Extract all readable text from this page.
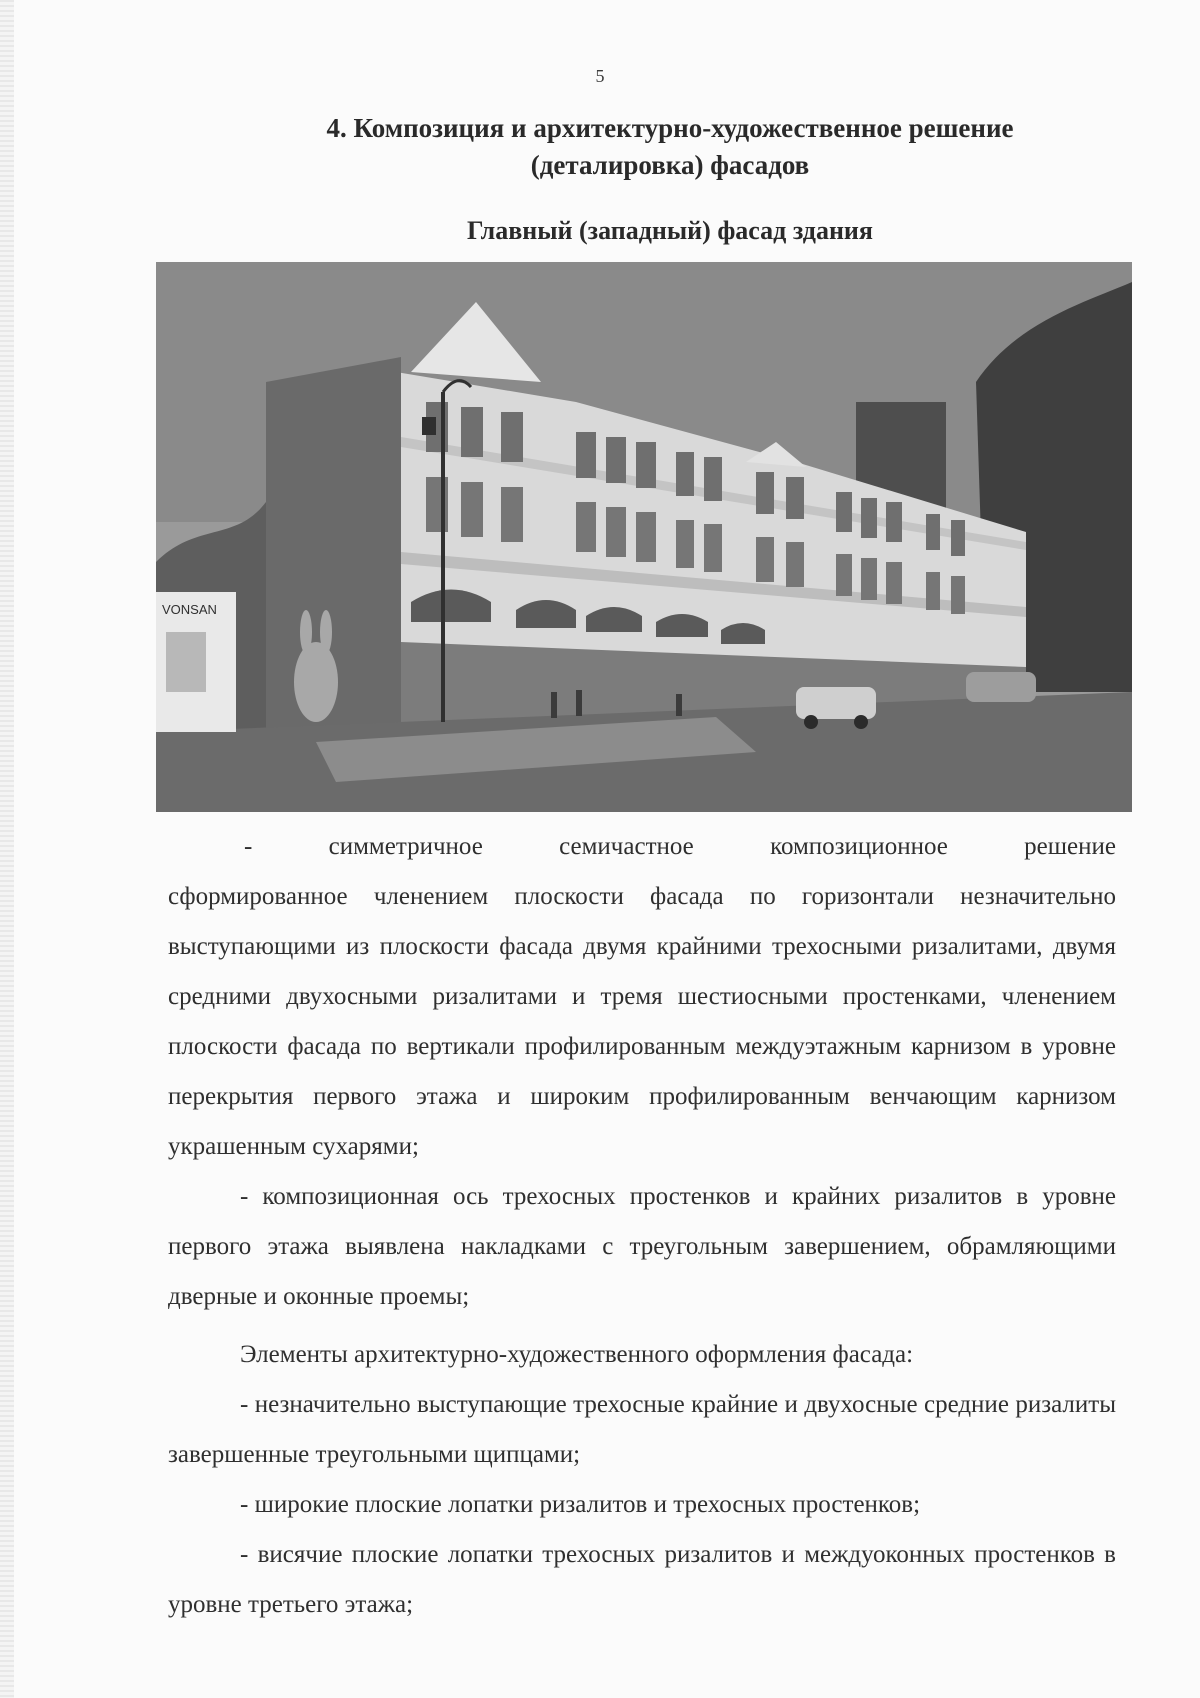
5
4. Композиция и архитектурно-художественное решение
(деталировка) фасадов
Главный (западный) фасад здания
VONSAN
-	симметричное	семичастное	композиционное	решение

сформированное членением плоскости фасада по горизонтали незначительно выступающими из плоскости фасада двумя крайними трехосными ризалитами, двумя средними двухосными ризалитами и тремя шестиосными простенками, членением плоскости фасада по вертикали профилированным междуэтажным карнизом в уровне перекрытия первого этажа и широким профилированным венчающим карнизом украшенным сухарями;

- композиционная ось трехосных простенков и крайних ризалитов в уровне первого этажа выявлена накладками с треугольным завершением, обрамляющими дверные и оконные проемы;

Элементы архитектурно-художественного оформления фасада:

- незначительно выступающие трехосные крайние и двухосные средние ризалиты завершенные треугольными щипцами;

- широкие плоские лопатки ризалитов и трехосных простенков;

- висячие плоские лопатки трехосных ризалитов и междуоконных простенков в уровне третьего этажа;
